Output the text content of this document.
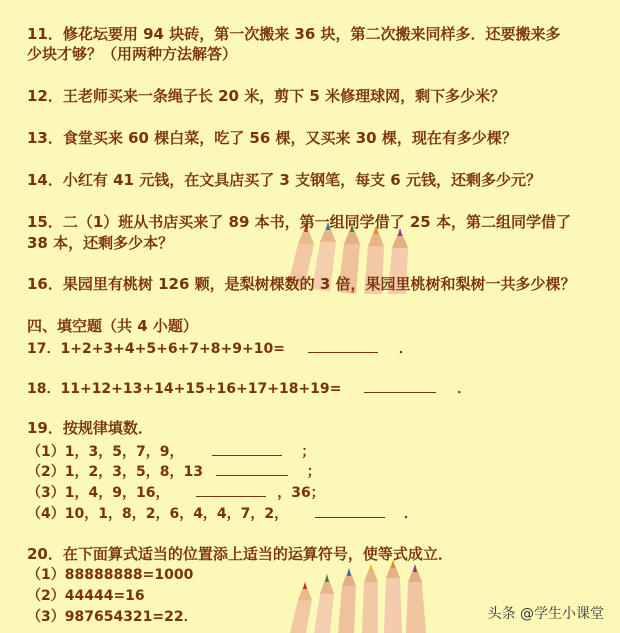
11．修花坛要用 94 块砖，第一次搬来 36 块，第二次搬来同样多．还要搬来多
少块才够？（用两种方法解答）
12．王老师买来一条绳子长 20 米，剪下 5 米修理球网，剩下多少米？
13．食堂买来 60 棵白菜，吃了 56 棵，又买来 30 棵，现在有多少棵？
14．小红有 41 元钱，在文具店买了 3 支钢笔，每支 6 元钱，还剩多少元？
15．二（1）班从书店买来了 89 本书，第一组同学借了 25 本，第二组同学借了
38 本，还剩多少本？
16．果园里有桃树 126 颗，是梨树棵数的 3 倍，果园里桃树和梨树一共多少棵？
四、填空题（共 4 小题）
17．1+2+3+4+5+6+7+8+9+10=	．
18．11+12+13+14+15+16+17+18+19=	．
19．按规律填数．
（1）1，3，5，7，9，	；
（2）1，2，3，5，8，13	；
（3）1，4，9，16，	，36；
（4）10，1，8，2，6，4，4，7，2，	．
20．在下面算式适当的位置添上适当的运算符号，使等式成立．
（1）88888888=1000
（2）44444=16
（3）987654321=22．	头条 @学生小课堂
